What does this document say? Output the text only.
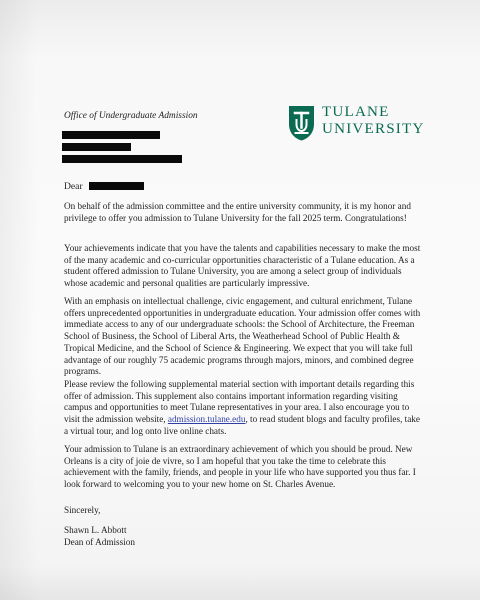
Office of Undergraduate Admission	TULANE
UNIVERSITY
Dear
On behalf of the admission committee and the entire university community, it is my honor and privilege to offer you admission to Tulane University for the fall 2025 term. Congratulations!
Your achievements indicate that you have the talents and capabilities necessary to make the most of the many academic and co-curricular opportunities characteristic of a Tulane education. As a student offered admission to Tulane University, you are among a select group of individuals whose academic and personal qualities are particularly impressive.
With an emphasis on intellectual challenge, civic engagement, and cultural enrichment, Tulane offers unprecedented opportunities in undergraduate education. Your admission offer comes with immediate access to any of our undergraduate schools: the School of Architecture, the Freeman School of Business, the School of Liberal Arts, the Weatherhead School of Public Health & Tropical Medicine, and the School of Science & Engineering. We expect that you will take full advantage of our roughly 75 academic programs through majors, minors, and combined degree programs.
Please review the following supplemental material section with important details regarding this offer of admission. This supplement also contains important information regarding visiting campus and opportunities to meet Tulane representatives in your area. I also encourage you to visit the admission website, admission.tulane.edu, to read student blogs and faculty profiles, take a virtual tour, and log onto live online chats.
Your admission to Tulane is an extraordinary achievement of which you should be proud. New Orleans is a city of joie de vivre, so I am hopeful that you take the time to celebrate this achievement with the family, friends, and people in your life who have supported you thus far. I look forward to welcoming you to your new home on St. Charles Avenue.
Sincerely,
Shawn L. Abbott
Dean of Admission
